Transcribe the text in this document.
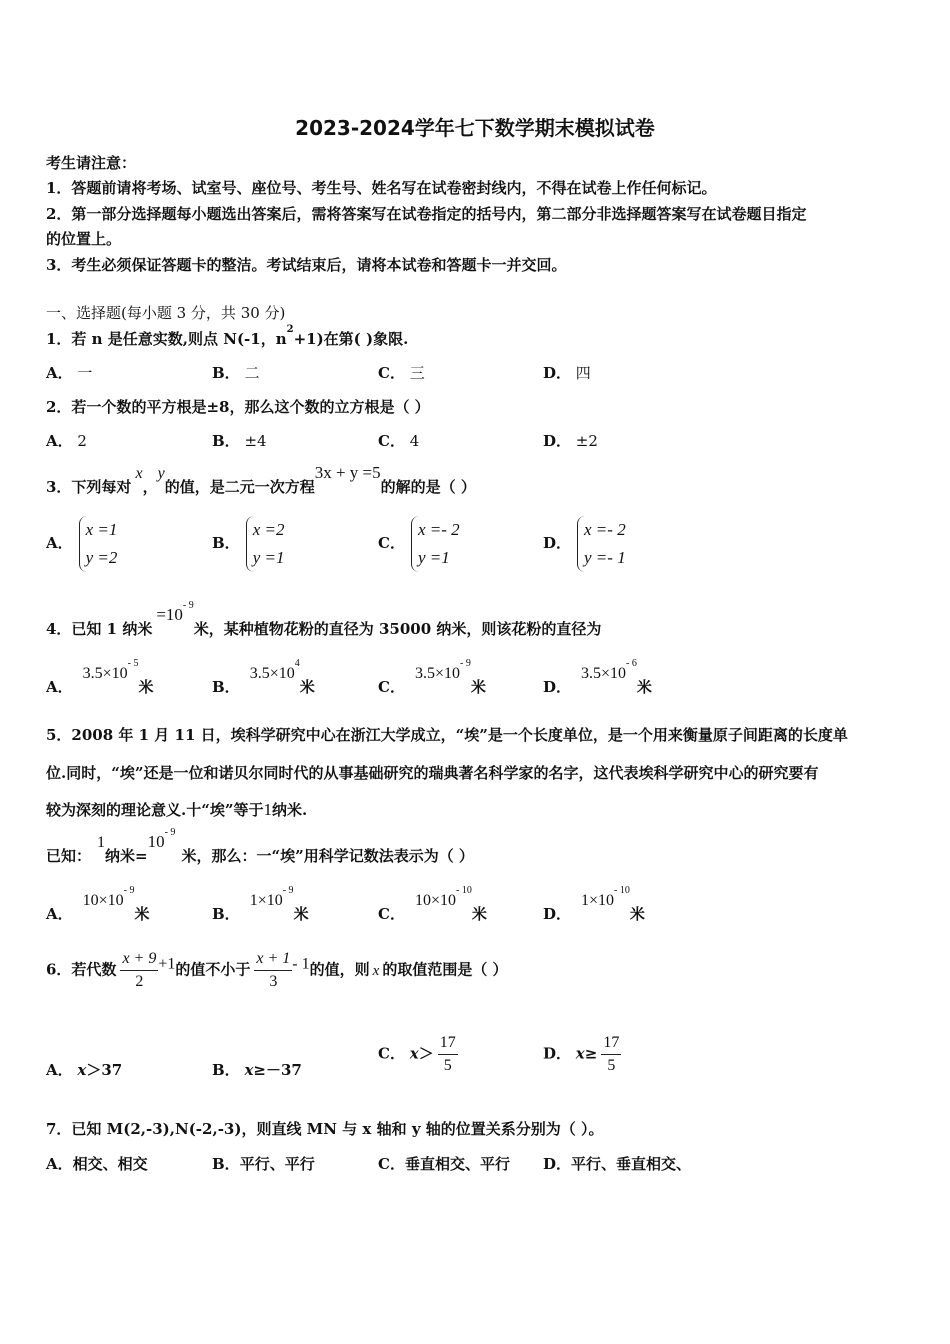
2023-2024学年七下数学期末模拟试卷
考生请注意：
1．答题前请将考场、试室号、座位号、考生号、姓名写在试卷密封线内，不得在试卷上作任何标记。
2．第一部分选择题每小题选出答案后，需将答案写在试卷指定的括号内，第二部分非选择题答案写在试卷题目指定
的位置上。
3．考生必须保证答题卡的整洁。考试结束后，请将本试卷和答题卡一并交回。
一、选择题(每小题 3 分，共 30 分)
1．若 n 是任意实数,则点 N(-1，$n^2+1$)在第( )象限.
A． 一	B． 二	C． 三	D． 四
2．若一个数的平方根是±8，那么这个数的立方根是（ ）
A． 2	B． ±4	C． 4	D． ±2
3．下列每对x，y的值，是二元一次方程3x + y =5的解的是（ ）
A．
x =1
y =2
B．
x =2
y =1
C．
x =- 2
y =1
D．
x =- 2
y =- 1
4．已知 1 纳米$=10^{- 9}$米，某种植物花粉的直径为 35000 纳米，则该花粉的直径为
A．$3.5\times 10^{- 5}$米	B．$3.5\times 10^4$米	C．$3.5\times 10^{- 9}$米	D．$3.5\times 10^{- 6}$米
5．2008 年 1 月 11 日，埃科学研究中心在浙江大学成立，“埃”是一个长度单位，是一个用来衡量原子间距离的长度单
位.同时，“埃”还是一位和诺贝尔同时代的从事基础研究的瑞典著名科学家的名字，这代表埃科学研究中心的研究要有
较为深刻的理论意义.十“埃”等于1纳米.
已知：1纳米$=10^{- 9}$米，那么：一“埃”用科学记数法表示为（ ）
A．$10\times 10^{- 9}$米	B．$1\times 10^{- 9}$米	C．$10\times 10^{- 10}$米	D．$1\times 10^{- 10}$米
6．若代数 $\frac{x + 9}{2} +1$的值不小于 $\frac{x + 1}{3} - 1$的值，则 x 的取值范围是（ ）
A． x＞37	B． x≥－37
C． $x> \frac{17}{5}$	D． $x\ge \frac{17}{5}$
7．已知 M(2,-3),N(-2,-3)，则直线 MN 与 x 轴和 y 轴的位置关系分别为（ ）。
A．相交、相交	B．平行、平行	C．垂直相交、平行 D．平行、垂直相交、
